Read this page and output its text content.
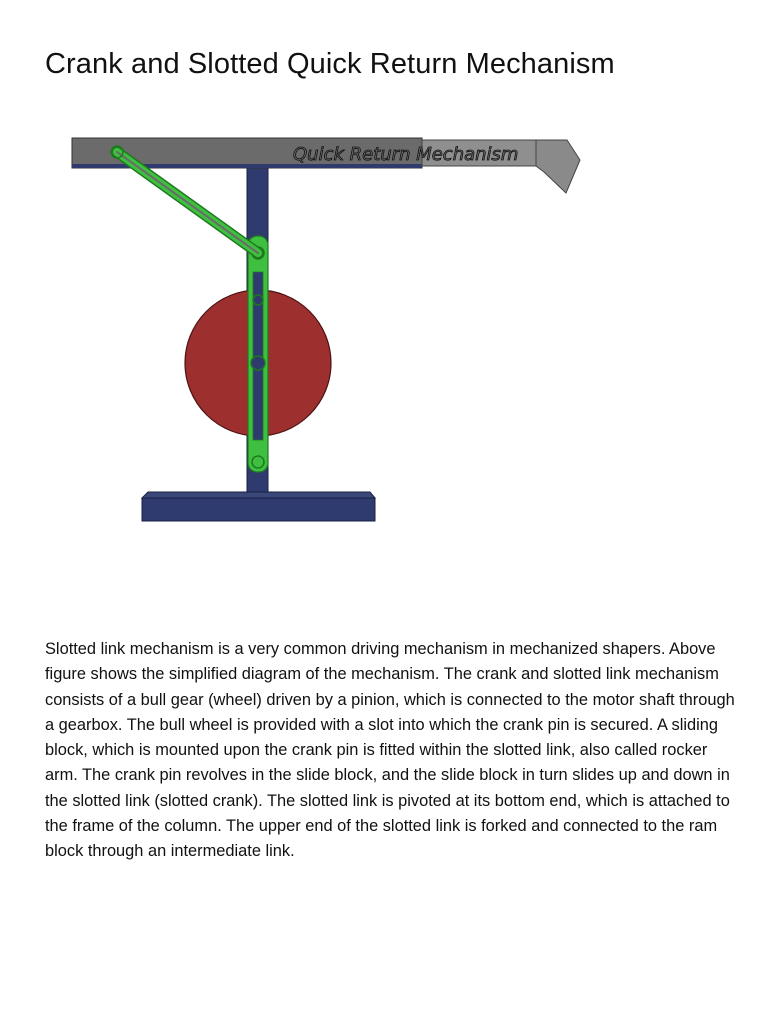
Crank and Slotted Quick Return Mechanism
Quick Return Mechanism

Slotted link mechanism is a very common driving mechanism in mechanized shapers. Above figure shows the simplified diagram of the mechanism. The crank and slotted link mechanism consists of a bull gear (wheel) driven by a pinion, which is connected to the motor shaft through a gearbox. The bull wheel is provided with a slot into which the crank pin is secured. A sliding block, which is mounted upon the crank pin is fitted within the slotted link, also called rocker arm. The crank pin revolves in the slide block, and the slide block in turn slides up and down in the slotted link (slotted crank). The slotted link is pivoted at its bottom end, which is attached to the frame of the column. The upper end of the slotted link is forked and connected to the ram block through an intermediate link.
